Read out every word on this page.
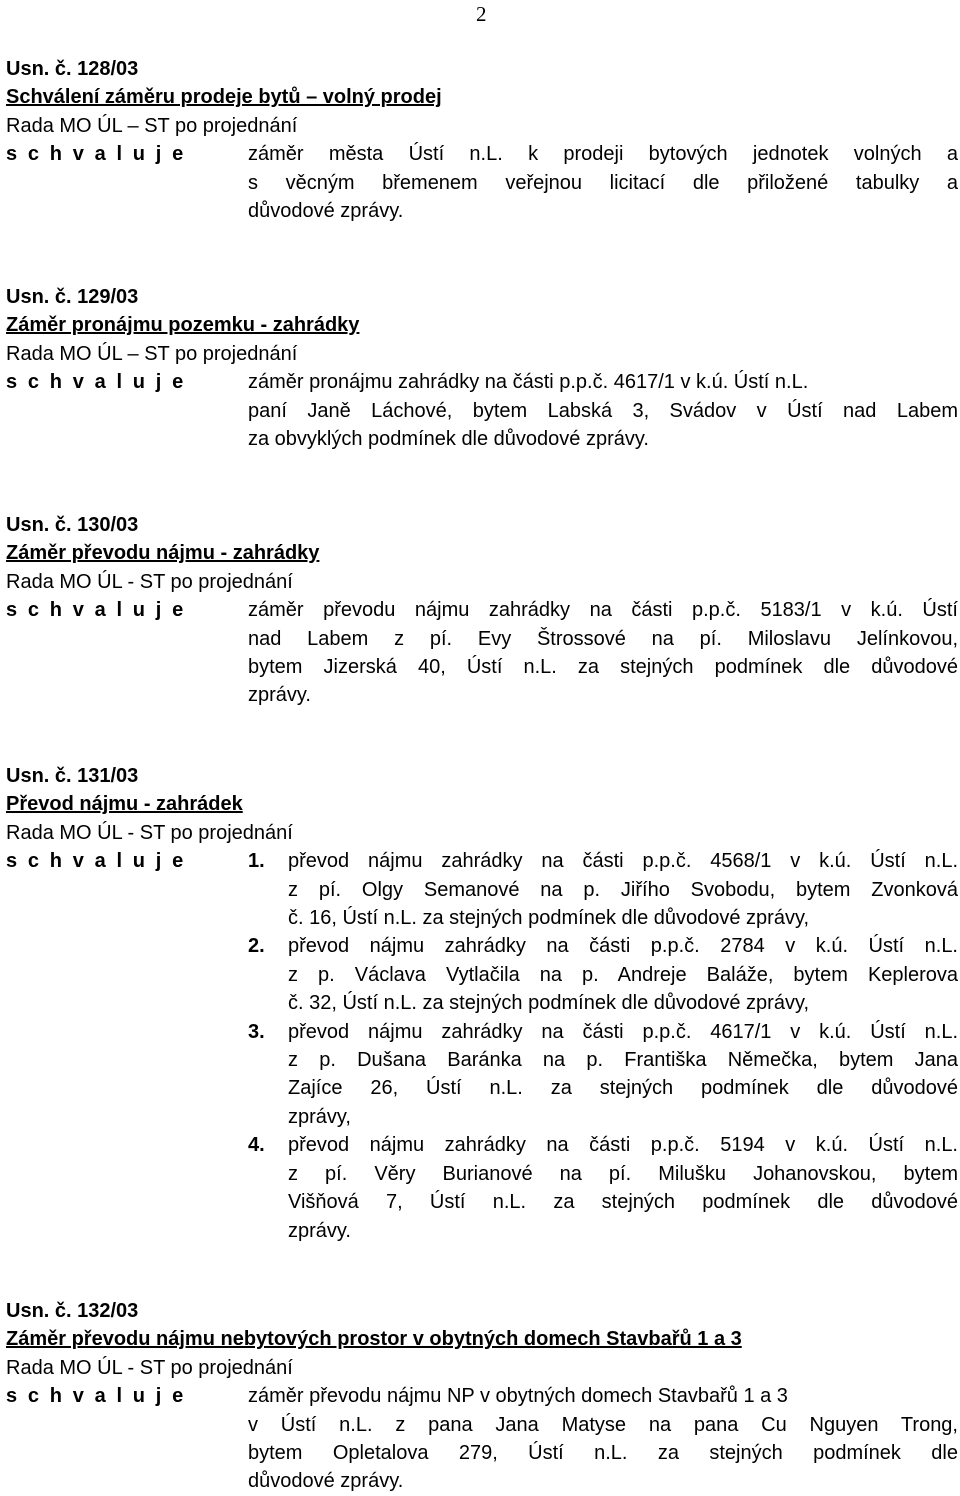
2
Usn. č. 128/03
Schválení záměru prodeje bytů – volný prodej
Rada MO ÚL – ST po projednání
s c h v a l u j e	záměr města Ústí n.L. k prodeji bytových jednotek volných a
s věcným břemenem veřejnou licitací dle přiložené tabulky a
důvodové zprávy.
Usn. č. 129/03
Záměr pronájmu pozemku - zahrádky
Rada MO ÚL – ST po projednání
s c h v a l u j e	záměr pronájmu zahrádky na části p.p.č. 4617/1 v k.ú. Ústí n.L.
paní Janě Láchové, bytem Labská 3, Svádov v Ústí nad Labem
za obvyklých podmínek dle důvodové zprávy.
Usn. č. 130/03
Záměr převodu nájmu - zahrádky
Rada MO ÚL - ST po projednání
s c h v a l u j e	záměr převodu nájmu zahrádky na části p.p.č. 5183/1 v k.ú. Ústí
nad Labem z pí. Evy Štrossové na pí. Miloslavu Jelínkovou,
bytem Jizerská 40, Ústí n.L. za stejných podmínek dle důvodové
zprávy.
Usn. č. 131/03
Převod nájmu - zahrádek
Rada MO ÚL - ST po projednání
s c h v a l u j e	1.	převod nájmu zahrádky na části p.p.č. 4568/1 v k.ú. Ústí n.L.
z pí. Olgy Semanové na p. Jiřího Svobodu, bytem Zvonková
č. 16, Ústí n.L. za stejných podmínek dle důvodové zprávy,
2.	převod nájmu zahrádky na části p.p.č. 2784 v k.ú. Ústí n.L.
z p. Václava Vytlačila na p. Andreje Baláže, bytem Keplerova
č. 32, Ústí n.L. za stejných podmínek dle důvodové zprávy,
3.	převod nájmu zahrádky na části p.p.č. 4617/1 v k.ú. Ústí n.L.
z p. Dušana Baránka na p. Františka Němečka, bytem Jana
Zajíce 26, Ústí n.L. za stejných podmínek dle důvodové
zprávy,
4.	převod nájmu zahrádky na části p.p.č. 5194 v k.ú. Ústí n.L.
z pí. Věry Burianové na pí. Milušku Johanovskou, bytem
Višňová 7, Ústí n.L. za stejných podmínek dle důvodové
zprávy.
Usn. č. 132/03
Záměr převodu nájmu nebytových prostor v obytných domech Stavbařů 1 a 3
Rada MO ÚL - ST po projednání
s c h v a l u j e	záměr převodu nájmu NP v obytných domech Stavbařů 1 a 3
v Ústí n.L. z pana Jana Matyse na pana Cu Nguyen Trong,
bytem Opletalova 279, Ústí n.L. za stejných podmínek dle
důvodové zprávy.
